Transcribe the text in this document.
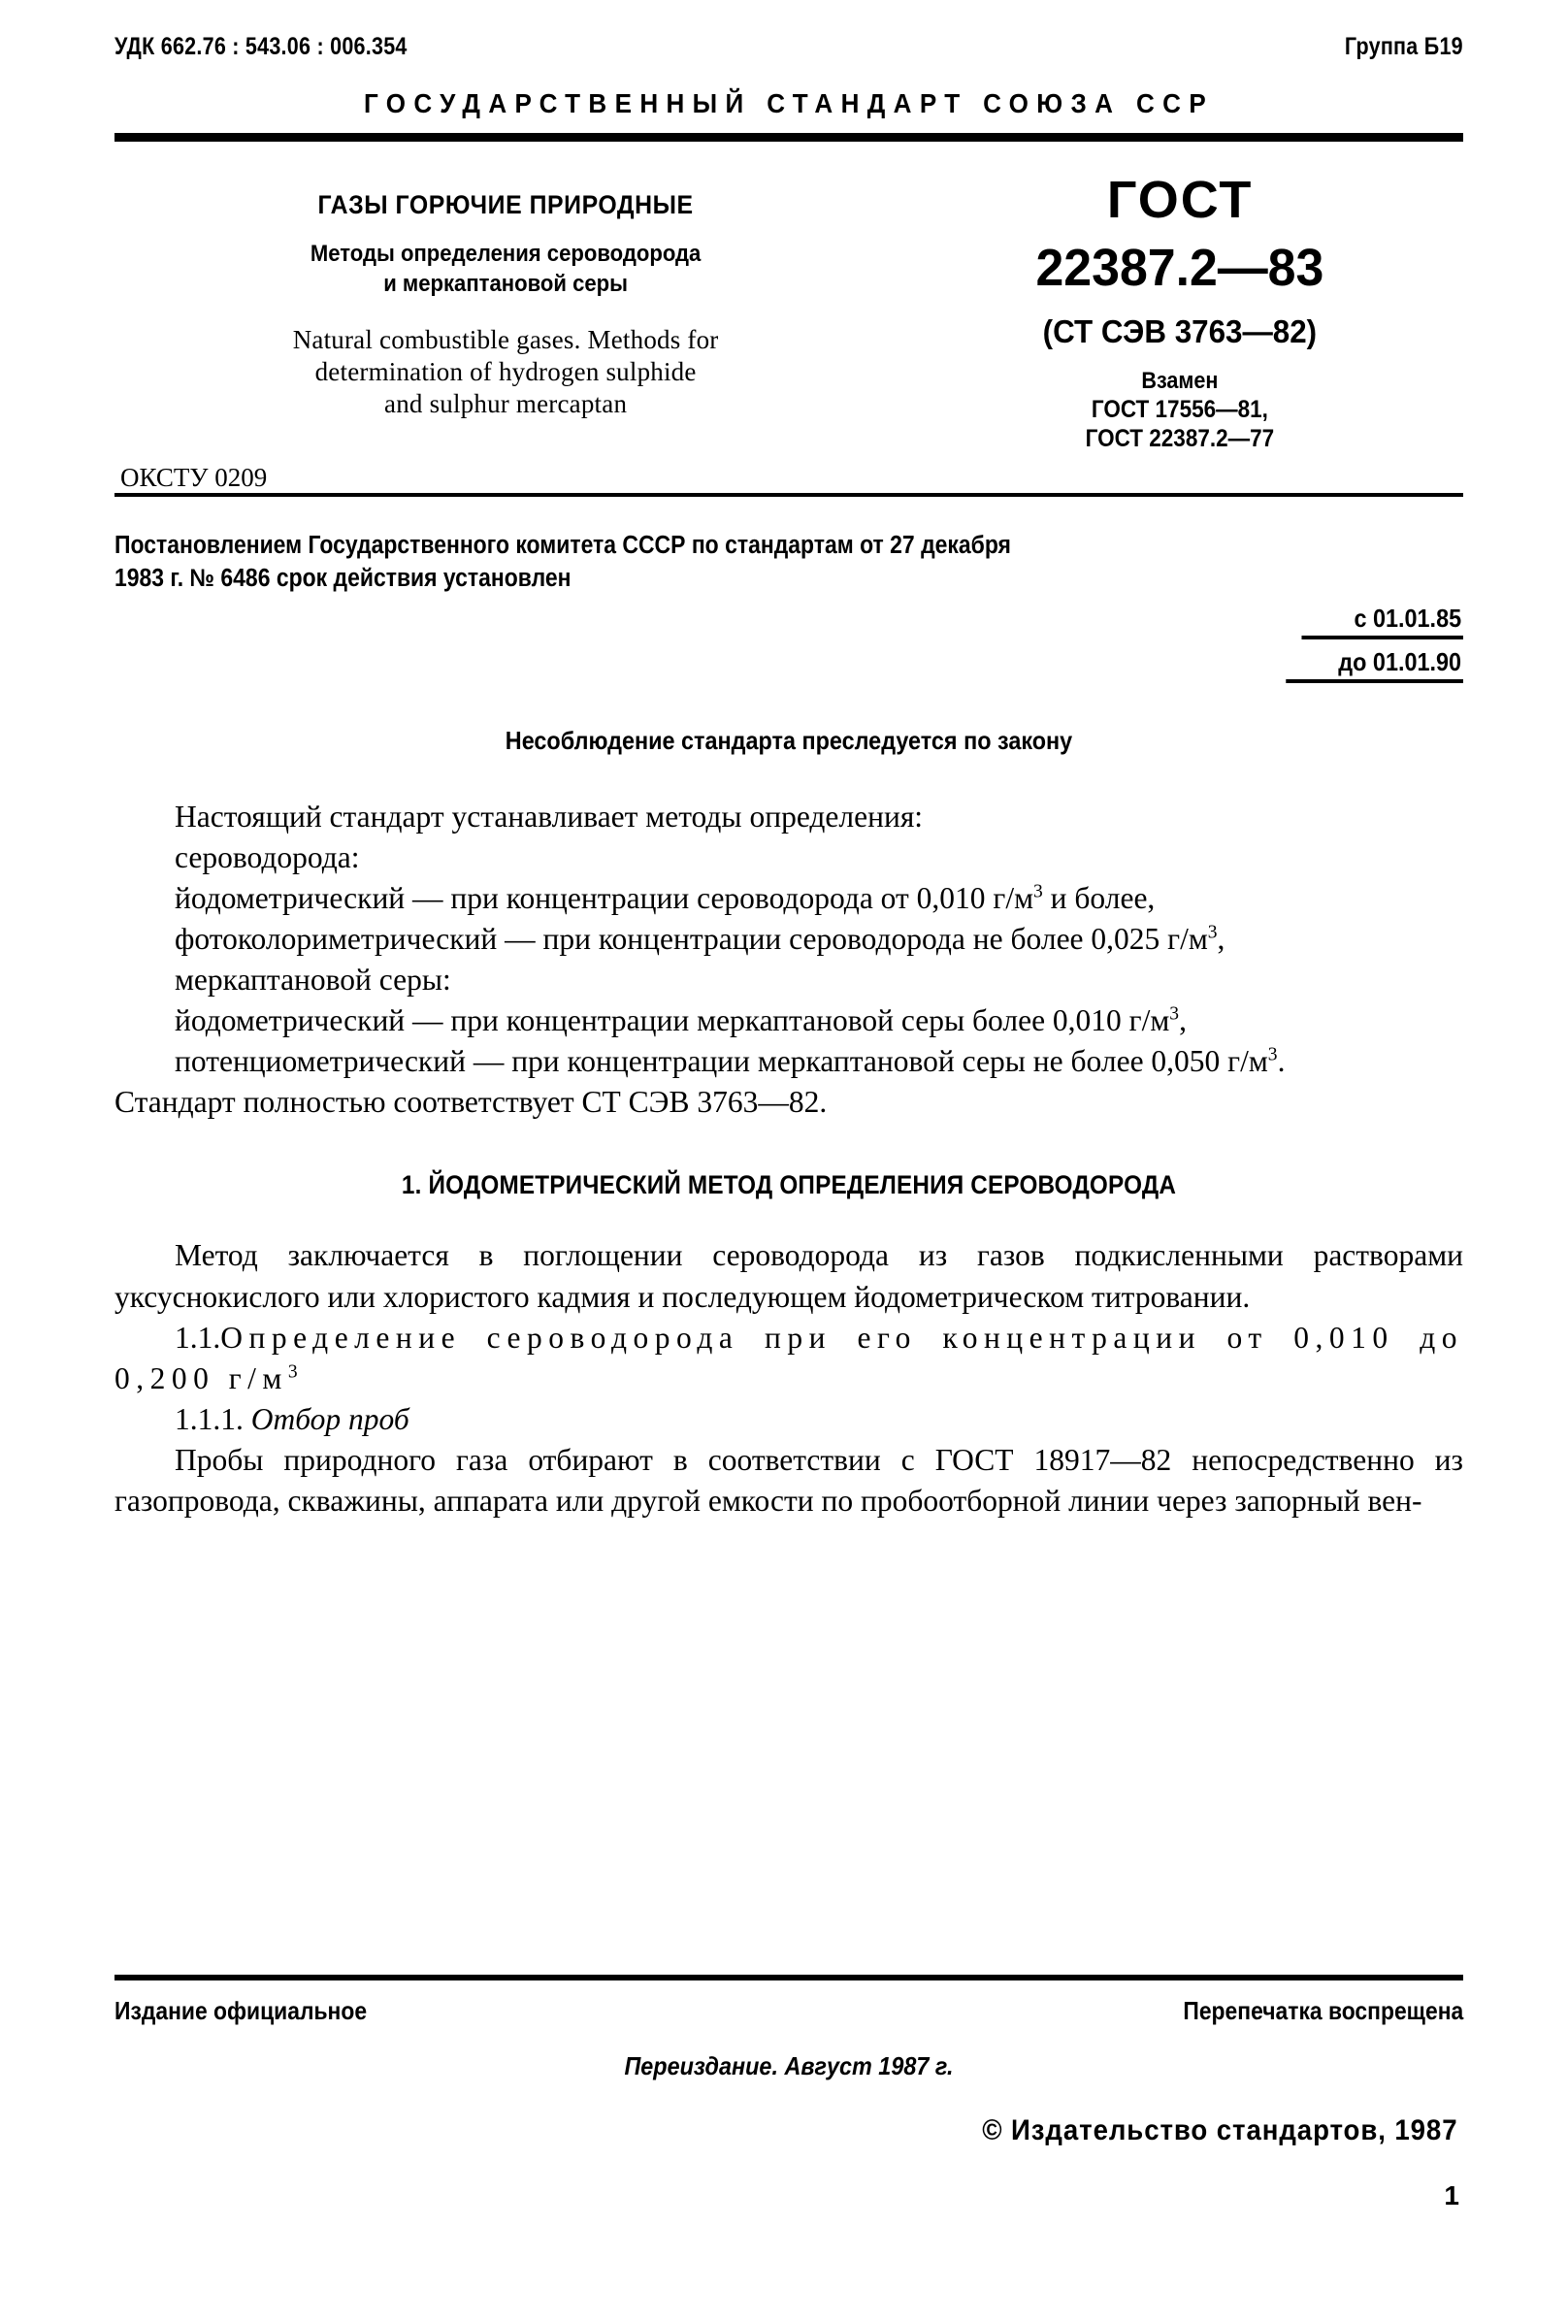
УДК 662.76 : 543.06 : 006.354	Группа Б19
ГОСУДАРСТВЕННЫЙ СТАНДАРТ СОЮЗА ССР
ГАЗЫ ГОРЮЧИЕ ПРИРОДНЫЕ
Методы определения сероводорода
и меркаптановой серы
Natural combustible gases. Methods for
determination of hydrogen sulphide
and sulphur mercaptan
ОКСТУ 0209
ГОСТ
22387.2—83
(СТ СЭВ 3763—82)
Взамен
ГОСТ 17556—81,
ГОСТ 22387.2—77
Постановлением Государственного комитета СССР по стандартам от 27 декабря
1983 г. № 6486 срок действия установлен
с 01.01.85
до 01.01.90
Несоблюдение стандарта преследуется по закону

Настоящий стандарт устанавливает методы определения:

сероводорода:

йодометрический — при концентрации сероводорода от 0,010 $г/м^3$ и более,

фотоколориметрический — при концентрации сероводорода не более 0,025 $г/м^3$,

меркаптановой серы:

йодометрический — при концентрации меркаптановой серы более 0,010 $г/м^3$,

потенциометрический — при концентрации меркаптановой серы не более 0,050 $г/м^3$.

Стандарт полностью соответствует СТ СЭВ 3763—82.

1. ЙОДОМЕТРИЧЕСКИЙ МЕТОД ОПРЕДЕЛЕНИЯ СЕРОВОДОРОДА

Метод заключается в поглощении сероводорода из газов подкисленными растворами уксуснокислого или хлористого кадмия и последующем йодометрическом титровании.

1.1.Определение сероводорода при его концентрации от 0,010 до 0,200 $г/м^3$

1.1.1. Отбор проб

Пробы природного газа отбирают в соответствии с ГОСТ 18917—82 непосредственно из газопровода, скважины, аппарата или другой емкости по пробоотборной линии через запорный вен-

Издание официальное	Перепечатка воспрещена
Переиздание. Август 1987 г.
© Издательство стандартов, 1987
1
